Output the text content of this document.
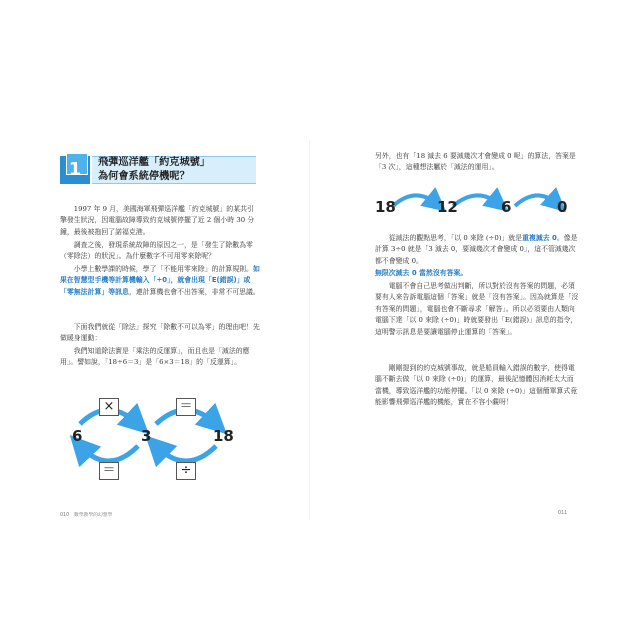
1	飛彈巡洋艦「約克城號」
為何會系統停機呢？
　　1997 年 9 月，美國海軍飛彈巡洋艦「約克城號」的某共引擎發生狀況，因電腦故障導致約克城號停擺了近 2 個小時 30 分鐘，最後被拖回了諾福克港。
　　調查之後，發現系統故障的原因之一，是「發生了除數為零（零除法）的狀況」。為什麼數字不可用零來除呢？
　　小學上數學課的時候，學了「不能用零來除」的計算規則。如果在智慧型手機等計算機輸入「÷0」，就會出現「E(錯誤)」或「零無法計算」等訊息，連計算機也會不出答案，非常不可思議。
　　下面我們就從「除法」探究「除數不可以為零」的理由吧！先做暖身運動：
　　我們知道除法實是「乘法的反運算」，而且也是「減法的應用」。譬如說，「18÷6＝3」是「6×3＝18」的「反運算」。
6	3	18
×	＝
＝	÷
010　數學教學的幻想學
另外，也有「18 減去 6 要減幾次才會變成 0 呢」的算法，答案是「3 次」，這種想法屬於「減法的運用」。
18	12	6	0
　　從減法的觀點思考，「以 0 來除 (÷0)」就是重複減去 0。像是計算 3÷0 就是「3 減去 0，要減幾次才會變成 0」，這不管減幾次都不會變成 0。
無限次減去 0 當然沒有答案。
　　電腦不會自己思考做出判斷，所以對於沒有答案的問題，必須要有人來告訴電腦這個「答案」就是「沒有答案」。因為就算是「沒有答案的問題」，電腦也會不斷尋求「解答」。所以必須要由人類向電腦下達「以 0 來除 (÷0)」時就要發出「E(錯誤)」訊息的指令，這明警示訊息是要讓電腦停止運算的「答案」。
　　剛剛提到的約克城號事故，就是船員輸入錯誤的數字，使得電腦不斷去做「以 0 來除 (÷0)」的運算，最後記憶體因消耗太大而當機，導致巡洋艦的功能停擺。「以 0 來除 (÷0)」這個簡單算式竟能影響飛彈巡洋艦的機能，實在不容小覷呀！
011
